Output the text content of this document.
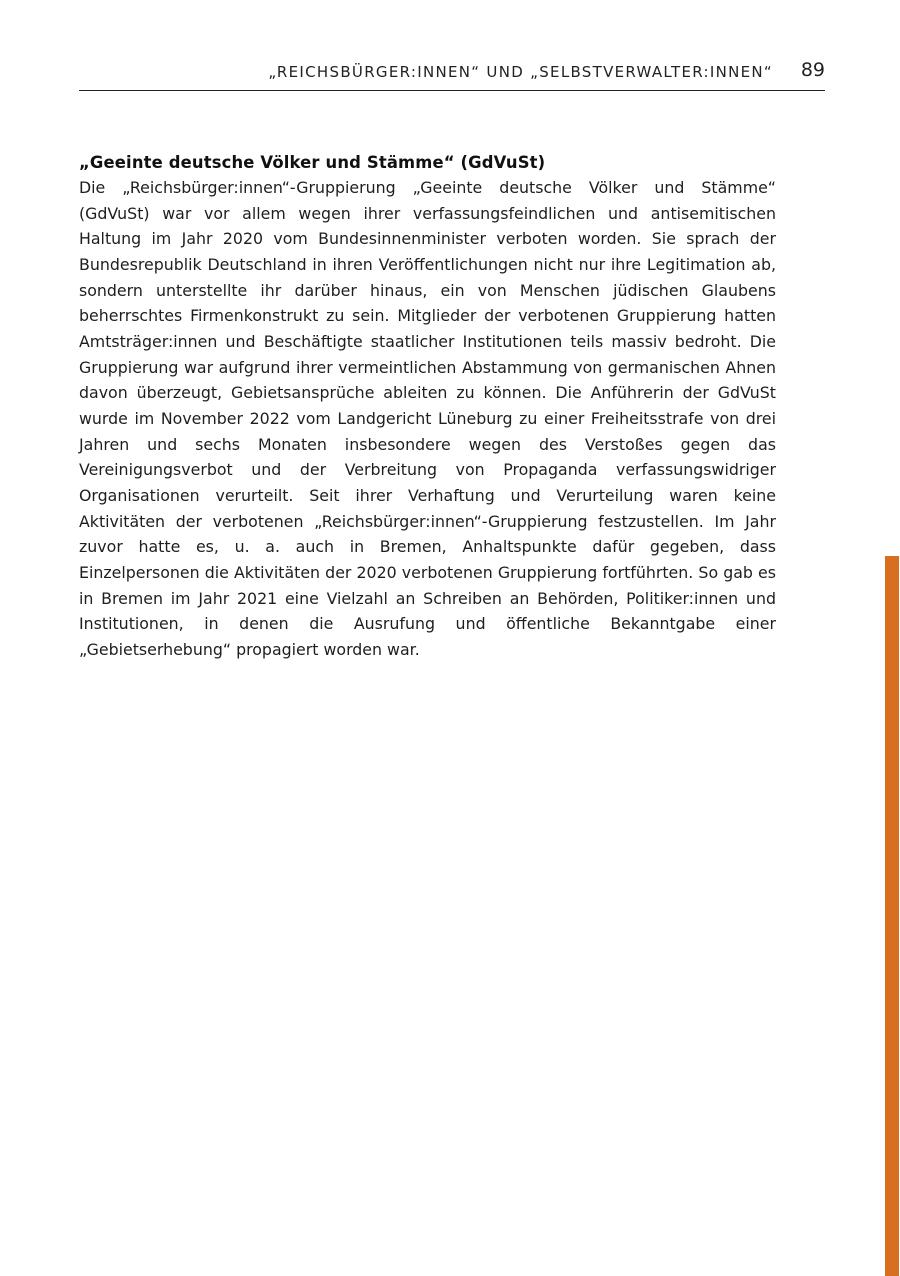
„REICHSBÜRGER:INNEN“ UND „SELBSTVERWALTER:INNEN“ 89
„Geeinte deutsche Völker und Stämme“ (GdVuSt)

Die „Reichsbürger:innen“-Gruppierung „Geeinte deutsche Völker und Stämme“ (GdVuSt) war vor allem wegen ihrer verfassungsfeindlichen und antisemitischen Haltung im Jahr 2020 vom Bundesinnenminister verboten worden. Sie sprach der Bundesrepublik Deutschland in ihren Veröffentlichungen nicht nur ihre Legitimation ab, sondern unterstellte ihr darüber hinaus, ein von Menschen jüdischen Glaubens beherrschtes Firmenkonstrukt zu sein. Mitglieder der verbotenen Gruppierung hatten Amtsträger:innen und Beschäftigte staatlicher Institutionen teils massiv bedroht. Die Gruppierung war aufgrund ihrer vermeintlichen Abstammung von germanischen Ahnen davon überzeugt, Gebietsansprüche ableiten zu können. Die Anführerin der GdVuSt wurde im November 2022 vom Landgericht Lüneburg zu einer Freiheitsstrafe von drei Jahren und sechs Monaten insbesondere wegen des Verstoßes gegen das Vereinigungsverbot und der Verbreitung von Propaganda verfassungswidriger Organisationen verurteilt. Seit ihrer Verhaftung und Verurteilung waren keine Aktivitäten der verbotenen „Reichsbürger:innen“-Gruppierung festzustellen. Im Jahr zuvor hatte es, u. a. auch in Bremen, Anhaltspunkte dafür gegeben, dass Einzelpersonen die Aktivitäten der 2020 verbotenen Gruppierung fortführten. So gab es in Bremen im Jahr 2021 eine Vielzahl an Schreiben an Behörden, Politiker:innen und Institutionen, in denen die Ausrufung und öffentliche Bekanntgabe einer „Gebietserhebung“ propagiert worden war.
